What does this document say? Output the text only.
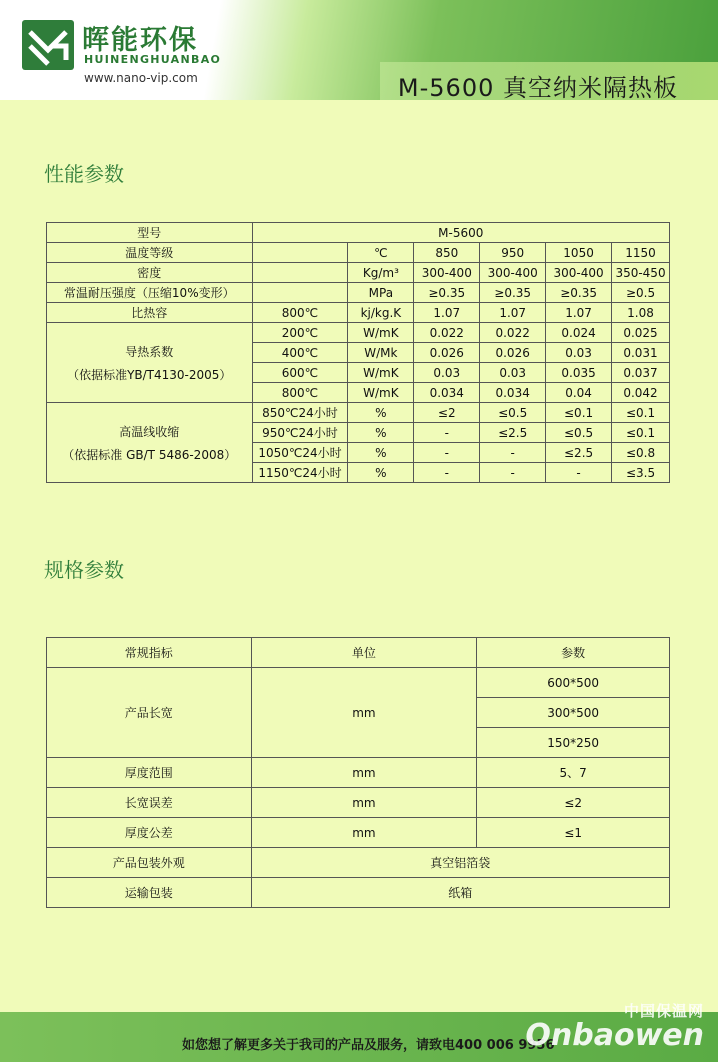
晖能环保
HUINENGHUANBAO
www.nano-vip.com	M-5600 真空纳米隔热板
性能参数
型号	M-5600					
温度等级		℃	850	950	1050	1150
密度		Kg/m³	300-400	300-400	300-400	350-450
常温耐压强度（压缩10%变形）		MPa	≥0.35	≥0.35	≥0.35	≥0.5
比热容	800℃	kj/kg.K	1.07	1.07	1.07	1.08

导热系数
（依据标准YB/T4130-2005）	200℃	W/mK	0.022	0.022	0.024	0.025
	400℃	W/Mk	0.026	0.026	0.03	0.031
	600℃	W/mK	0.03	0.03	0.035	0.037
	800℃	W/mK	0.034	0.034	0.04	0.042

高温线收缩
（依据标准 GB/T 5486-2008）	850℃24小时	%	≤2	≤0.5	≤0.1	≤0.1
	950℃24小时	%	-	≤2.5	≤0.5	≤0.1
	1050℃24小时	%	-	-	≤2.5	≤0.8
	1150℃24小时	%	-	-	-	≤3.5
规格参数
常规指标	单位	参数
产品长宽	mm	600*500
		300*500
		150*250
厚度范围	mm	5、7
长宽误差	mm	≤2
厚度公差	mm	≤1
产品包装外观	真空铝箔袋	
运输包装	纸箱	
如您想了解更多关于我司的产品及服务，请致电400 006 9956
中国保温网
Onbaowen
